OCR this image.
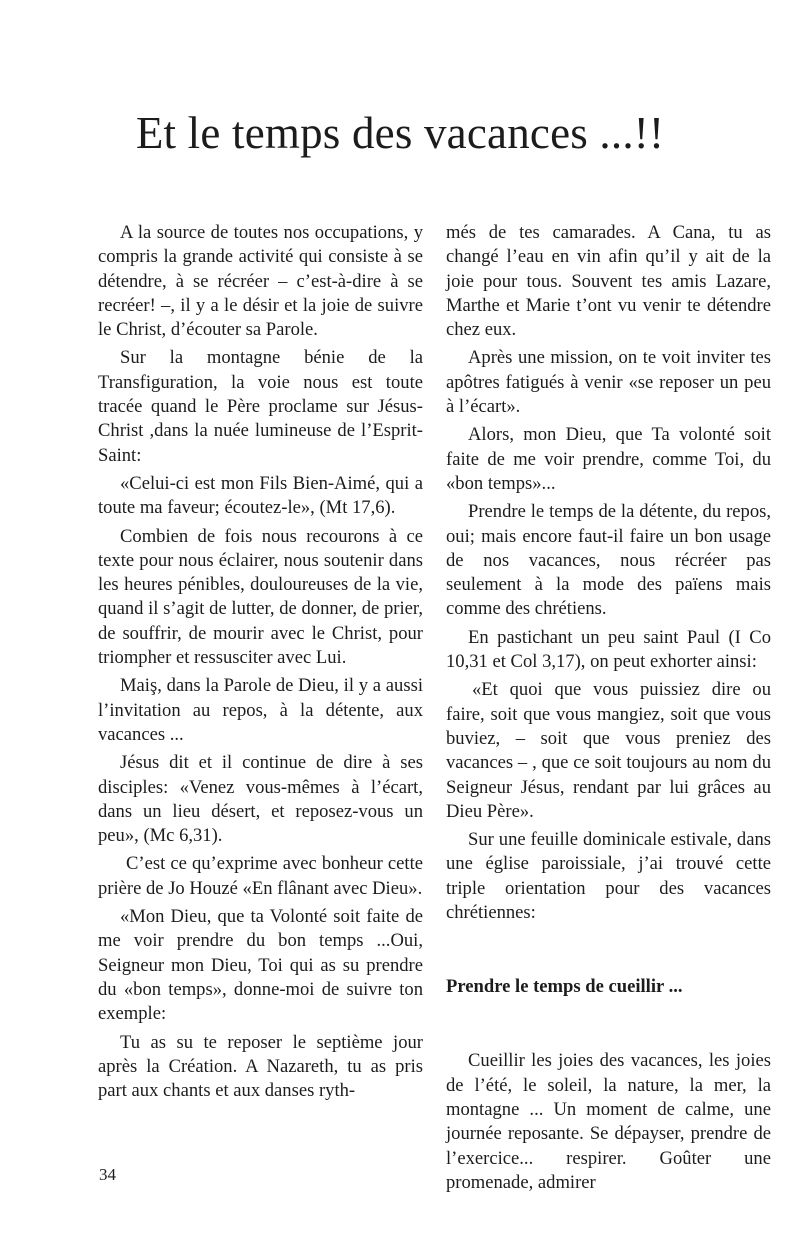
Et le temps des vacances ...!!

A la source de toutes nos occupations, y compris la grande activité qui consiste à se détendre, à se récréer – c’est-à-dire à se recréer! –, il y a le désir et la joie de suivre le Christ, d’écouter sa Parole.

Sur la montagne bénie de la Transfiguration, la voie nous est toute tracée quand le Père proclame sur Jésus-Christ ,dans la nuée lumineuse de l’Esprit-Saint:

«Celui-ci est mon Fils Bien-Aimé, qui a toute ma faveur; écoutez-le», (Mt 17,6).

Combien de fois nous recourons à ce texte pour nous éclairer, nous soutenir dans les heures pénibles, douloureuses de la vie, quand il s’agit de lutter, de donner, de prier, de souffrir, de mourir avec le Christ, pour triompher et ressusciter avec Lui.

Maiş, dans la Parole de Dieu, il y a aussi l’invitation au repos, à la détente, aux vacances ...

Jésus dit et il continue de dire à ses disciples: «Venez vous-mêmes à l’écart, dans un lieu désert, et reposez-vous un peu», (Mc 6,31).

C’est ce qu’exprime avec bonheur cette prière de Jo Houzé «En flânant avec Dieu».

«Mon Dieu, que ta Volonté soit faite de me voir prendre du bon temps ...Oui, Seigneur mon Dieu, Toi qui as su prendre du «bon temps», donne-moi de suivre ton exemple:

Tu as su te reposer le septième jour après la Création. A Nazareth, tu as pris part aux chants et aux danses ryth-

més de tes camarades. A Cana, tu as changé l’eau en vin afin qu’il y ait de la joie pour tous. Souvent tes amis Lazare, Marthe et Marie t’ont vu venir te détendre chez eux.

Après une mission, on te voit inviter tes apôtres fatigués à venir «se reposer un peu à l’écart».

Alors, mon Dieu, que Ta volonté soit faite de me voir prendre, comme Toi, du «bon temps»...

Prendre le temps de la détente, du repos, oui; mais encore faut-il faire un bon usage de nos vacances, nous récréer pas seulement à la mode des païens mais comme des chrétiens.

En pastichant un peu saint Paul (I Co 10,31 et Col 3,17), on peut exhorter ainsi:

«Et quoi que vous puissiez dire ou faire, soit que vous mangiez, soit que vous buviez, – soit que vous preniez des vacances – , que ce soit toujours au nom du Seigneur Jésus, rendant par lui grâces au Dieu Père».

Sur une feuille dominicale estivale, dans une église paroissiale, j’ai trouvé cette triple orientation pour des vacances chrétiennes:

Prendre le temps de cueillir ...

Cueillir les joies des vacances, les joies de l’été, le soleil, la nature, la mer, la montagne ... Un moment de calme, une journée reposante. Se dépayser, prendre de l’exercice... respirer. Goûter une promenade, admirer

34
